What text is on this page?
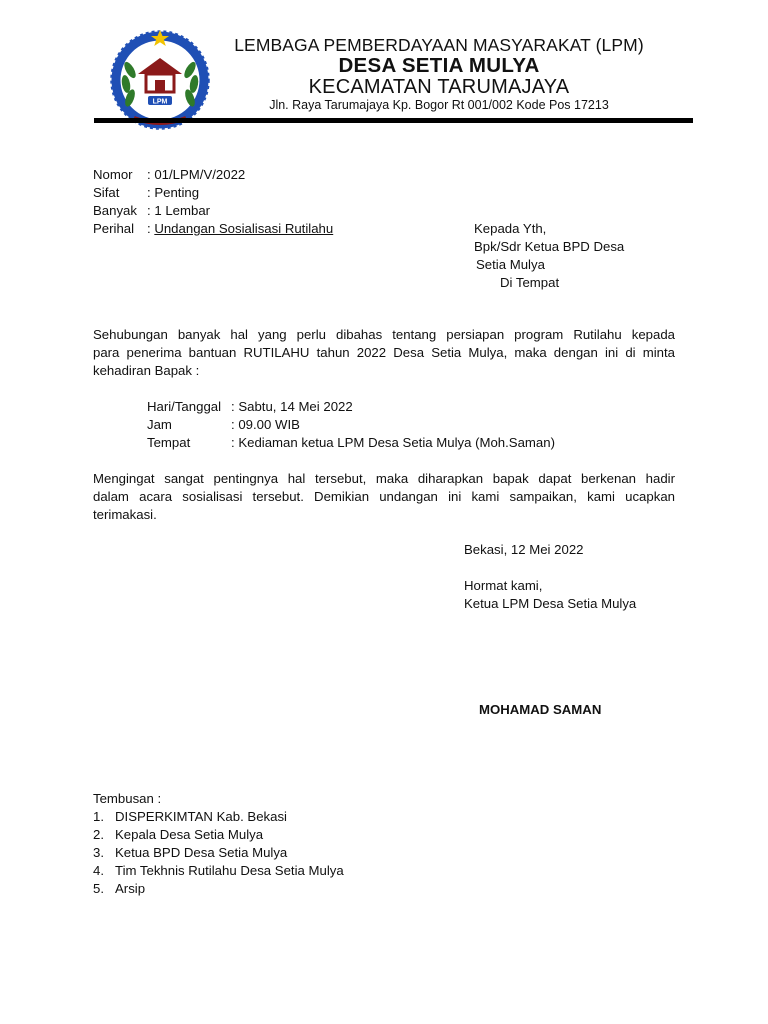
LPM
LEMBAGA PEMBERDAYAAN MASYARAKAT (LPM)
DESA SETIA MULYA
KECAMATAN TARUMAJAYA
Jln. Raya Tarumajaya Kp. Bogor Rt 001/002 Kode Pos 17213
Nomor : 01/LPM/V/2022
Sifat : Penting
Banyak : 1 Lembar
Perihal : Undangan Sosialisasi Rutilahu	Kepada Yth,
Bpk/Sdr Ketua BPD Desa
Setia Mulya
Di Tempat
Sehubungan banyak hal yang perlu dibahas tentang persiapan program Rutilahu kepada
para penerima bantuan RUTILAHU tahun 2022 Desa Setia Mulya, maka dengan ini di minta
kehadiran Bapak :
Hari/Tanggal : Sabtu, 14 Mei 2022
Jam	: 09.00 WIB
Tempat	: Kediaman ketua LPM Desa Setia Mulya (Moh.Saman)
Mengingat sangat pentingnya hal tersebut, maka diharapkan bapak dapat berkenan hadir
dalam acara sosialisasi tersebut. Demikian undangan ini kami sampaikan, kami ucapkan
terimakasi.
Bekasi, 12 Mei 2022
Hormat kami,
Ketua LPM Desa Setia Mulya
MOHAMAD SAMAN
Tembusan :
1. DISPERKIMTAN Kab. Bekasi
2. Kepala Desa Setia Mulya
3. Ketua BPD Desa Setia Mulya
4. Tim Tekhnis Rutilahu Desa Setia Mulya
5. Arsip
